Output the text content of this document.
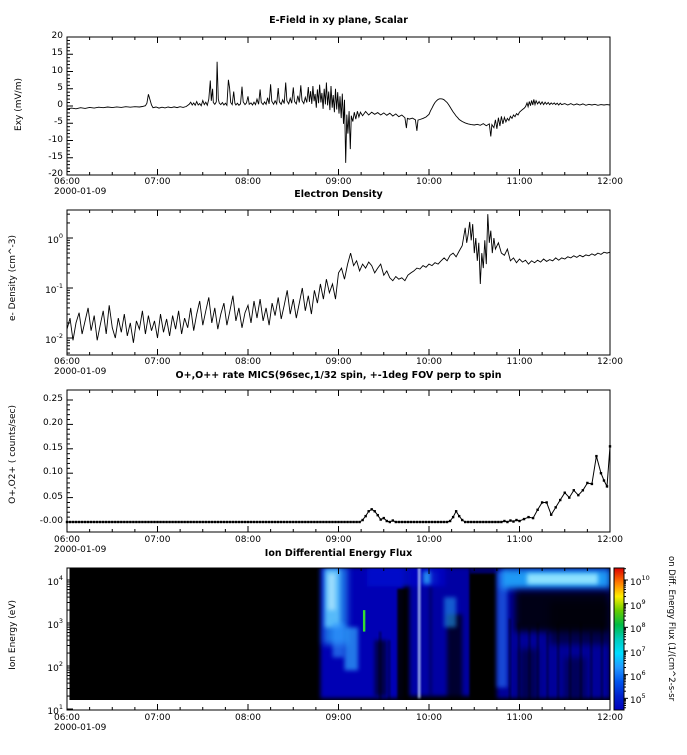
E-Field in xy plane, Scalar
Electron Density
O+,O++ rate MICS(96sec,1/32 spin, +-1deg FOV perp to spin
Ion Differential Energy Flux
Exy (mV/m)
e- Density (cm^-3)
O+,O2+ ( counts/sec)
Ion Energy (eV)	on Diff. Energy Flux (1/(cm^2-s-sr
20
15
10
5
0
-5
-10
-15
-20
$10^0$
$10^{-1}$
$10^{-2}$
0.25
0.20
0.15
0.10
0.05
-0.00
$10^4$
$10^3$
$10^2$
$10^1$
06:00	07:00	08:00	09:00	10:00	11:00	12:00
2000-01-09
06:00	07:00	08:00	09:00	10:00	11:00	12:00
2000-01-09
06:00	07:00	08:00	09:00	10:00	11:00	12:00
2000-01-09
06:00	07:00	08:00	09:00	10:00	11:00	12:00
2000-01-09
$10^{10}$
$10^9$
$10^8$
$10^7$
$10^6$
$10^5$
